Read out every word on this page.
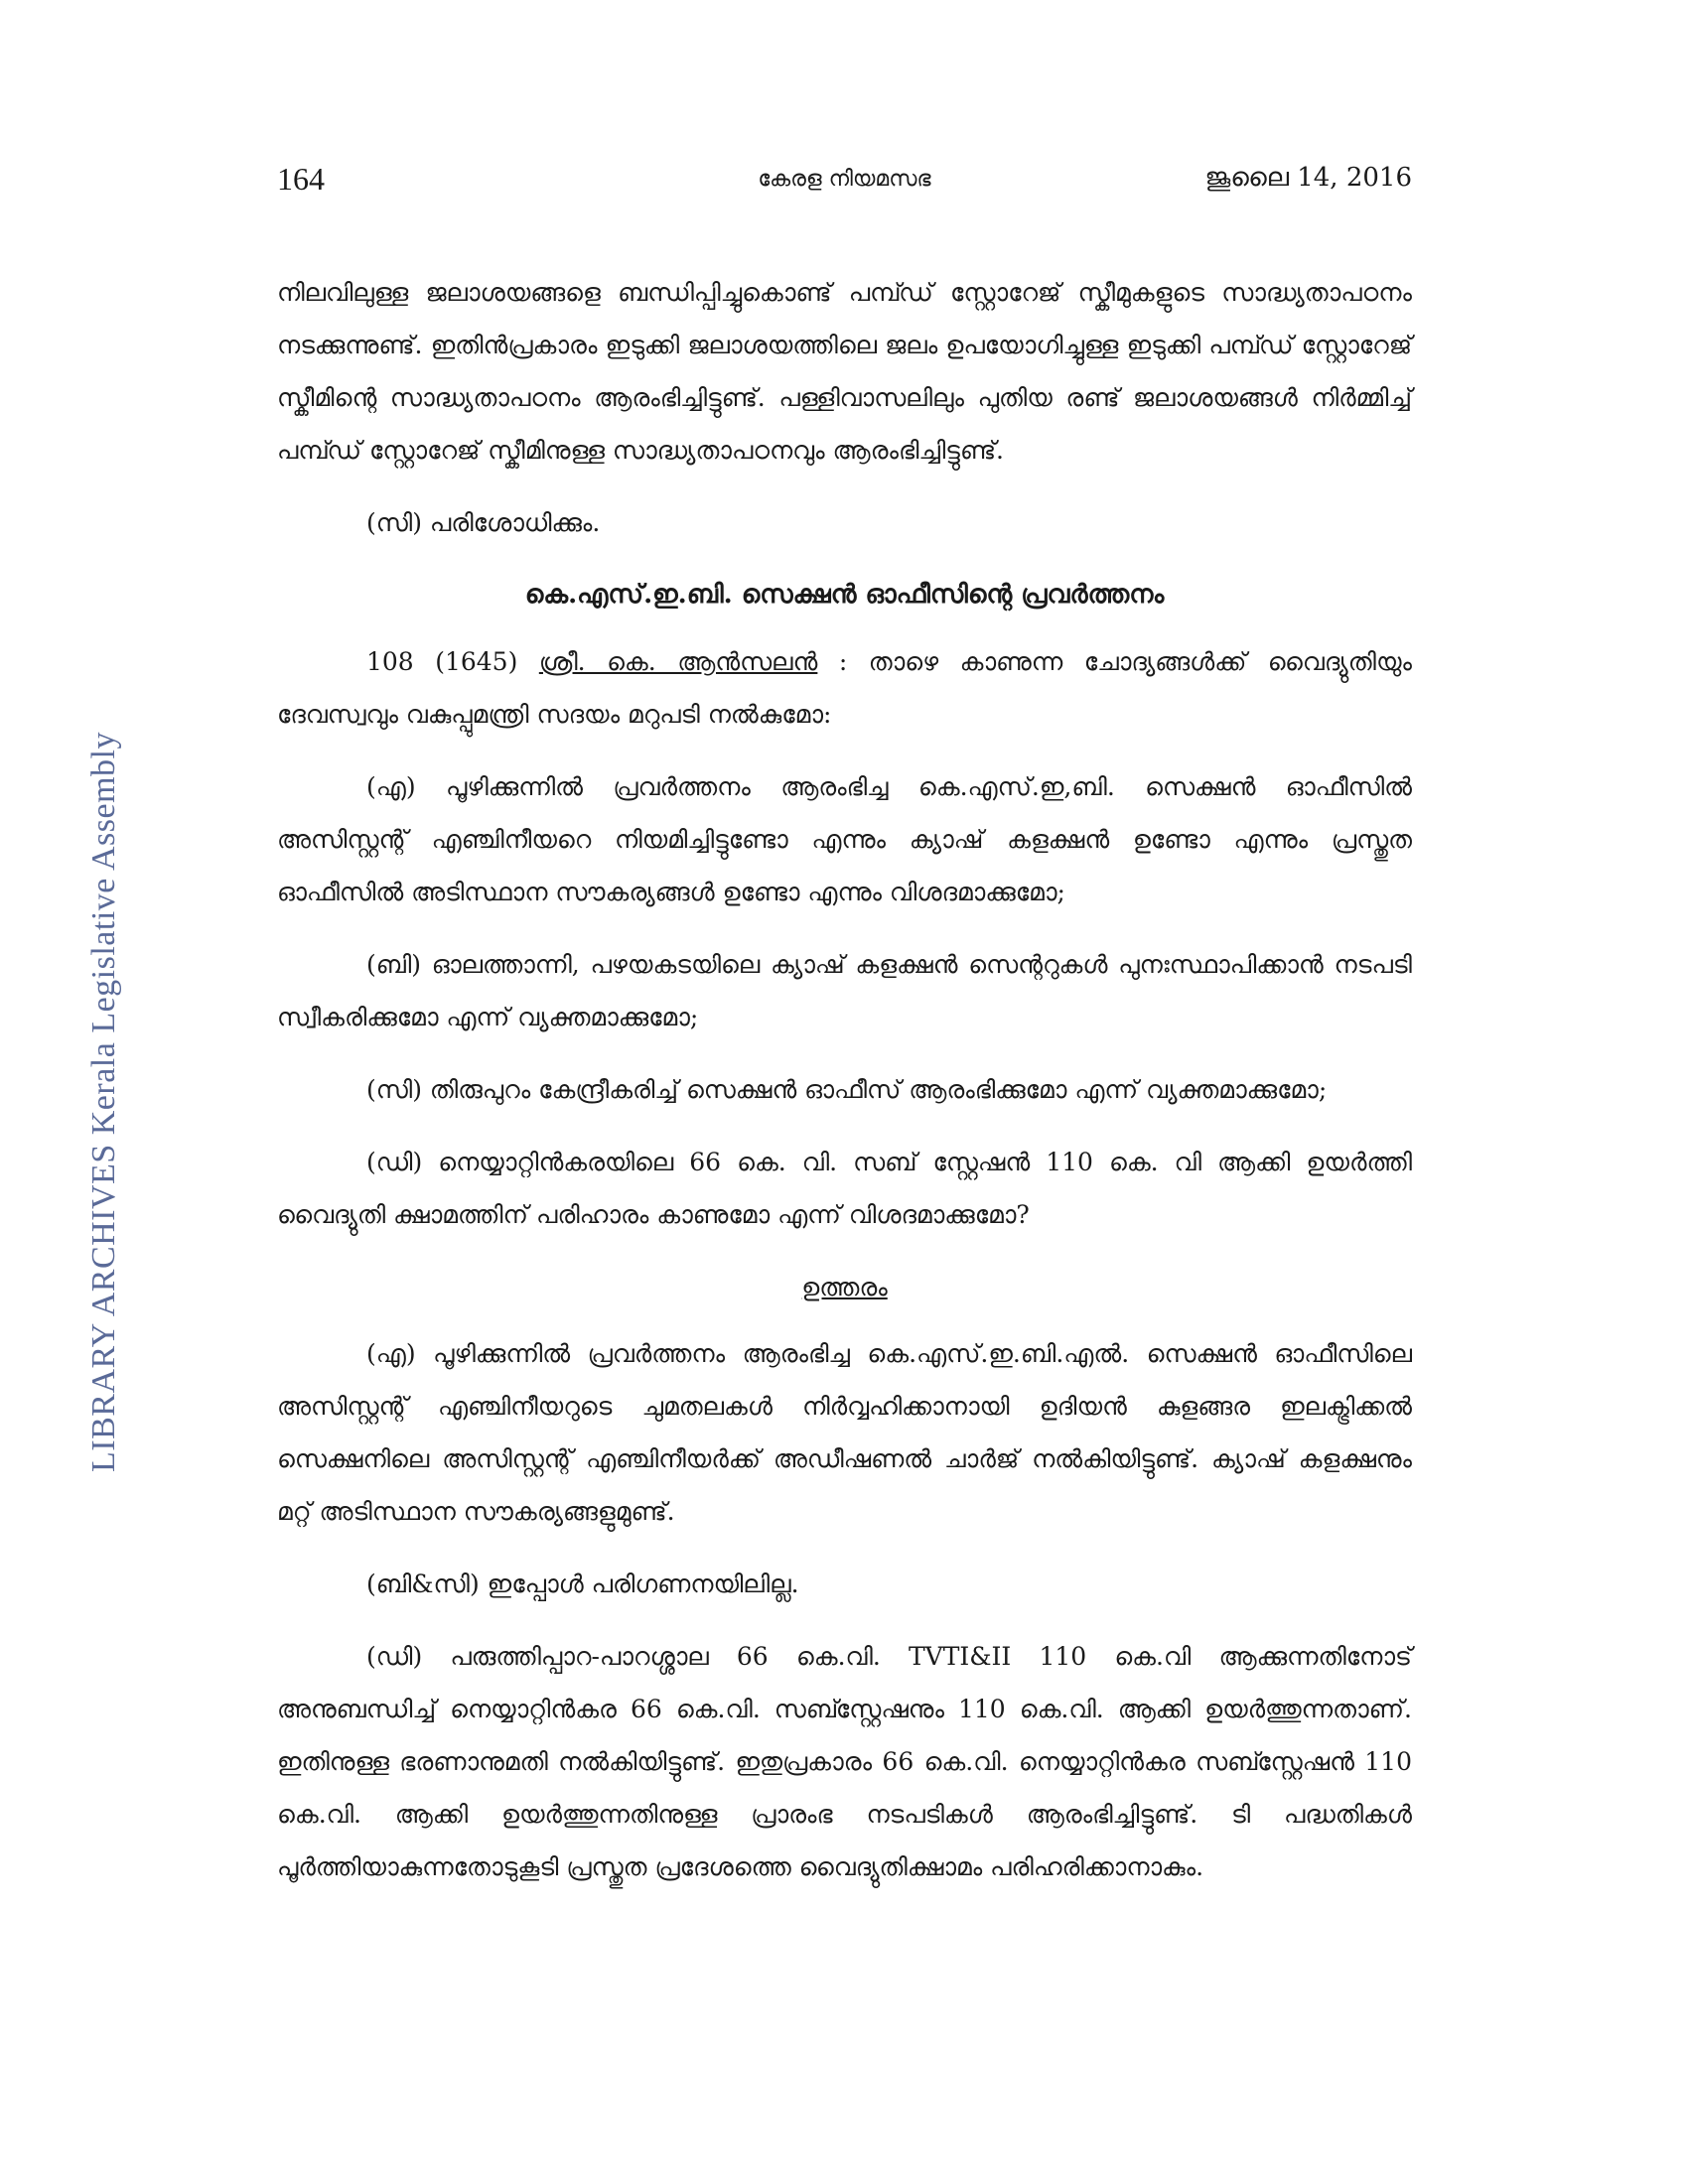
LIBRARY ARCHIVES Kerala Legislative Assembly
164	കേരള നിയമസഭ	ജൂലൈ 14, 2016

നിലവിലുള്ള ജലാശയങ്ങളെ ബന്ധിപ്പിച്ചുകൊണ്ട് പമ്പ്ഡ് സ്റ്റോറേജ് സ്കീമുകളുടെ സാദ്ധ്യതാപഠനം നടക്കുന്നുണ്ട്. ഇതിൻപ്രകാരം ഇടുക്കി ജലാശയത്തിലെ ജലം ഉപയോഗിച്ചുള്ള ഇടുക്കി പമ്പ്ഡ് സ്റ്റോറേജ് സ്കീമിന്റെ സാദ്ധ്യതാപഠനം ആരംഭിച്ചിട്ടുണ്ട്. പള്ളിവാസലിലും പുതിയ രണ്ട് ജലാശയങ്ങൾ നിർമ്മിച്ച് പമ്പ്ഡ് സ്റ്റോറേജ് സ്കീമിനുള്ള സാദ്ധ്യതാപഠനവും ആരംഭിച്ചിട്ടുണ്ട്.

(സി) പരിശോധിക്കും.

കെ.എസ്.ഇ.ബി. സെക്ഷൻ ഓഫീസിന്റെ പ്രവർത്തനം

108 (1645) ശ്രീ. കെ. ആൻസലൻ : താഴെ കാണുന്ന ചോദ്യങ്ങൾക്ക് വൈദ്യുതിയും ദേവസ്വവും വകുപ്പുമന്ത്രി സദയം മറുപടി നൽകുമോ:

(എ) പൂഴിക്കുന്നിൽ പ്രവർത്തനം ആരംഭിച്ച കെ.എസ്.ഇ,ബി. സെക്ഷൻ ഓഫീസിൽ അസിസ്റ്റന്റ് എഞ്ചിനീയറെ നിയമിച്ചിട്ടുണ്ടോ എന്നും ക്യാഷ് കളക്ഷൻ ഉണ്ടോ എന്നും പ്രസ്തുത ഓഫീസിൽ അടിസ്ഥാന സൗകര്യങ്ങൾ ഉണ്ടോ എന്നും വിശദമാക്കുമോ;

(ബി) ഓലത്താന്നി, പഴയകടയിലെ ക്യാഷ് കളക്ഷൻ സെന്ററുകൾ പുനഃസ്ഥാപിക്കാൻ നടപടി സ്വീകരിക്കുമോ എന്ന് വ്യക്തമാക്കുമോ;

(സി) തിരുപുറം കേന്ദ്രീകരിച്ച് സെക്ഷൻ ഓഫീസ് ആരംഭിക്കുമോ എന്ന് വ്യക്തമാക്കുമോ;

(ഡി) നെയ്യാറ്റിൻകരയിലെ 66 കെ. വി. സബ് സ്റ്റേഷൻ 110 കെ. വി ആക്കി ഉയർത്തി വൈദ്യുതി ക്ഷാമത്തിന് പരിഹാരം കാണുമോ എന്ന് വിശദമാക്കുമോ?

ഉത്തരം

(എ) പൂഴിക്കുന്നിൽ പ്രവർത്തനം ആരംഭിച്ച കെ.എസ്.ഇ.ബി.എൽ. സെക്ഷൻ ഓഫീസിലെ അസിസ്റ്റന്റ് എഞ്ചിനീയറുടെ ചുമതലകൾ നിർവ്വഹിക്കാനായി ഉദിയൻ കുളങ്ങര ഇലക്ട്രിക്കൽ സെക്ഷനിലെ അസിസ്റ്റന്റ് എഞ്ചിനീയർക്ക് അഡീഷണൽ ചാർജ് നൽകിയിട്ടുണ്ട്. ക്യാഷ് കളക്ഷനും മറ്റ് അടിസ്ഥാന സൗകര്യങ്ങളുമുണ്ട്.

(ബി&സി) ഇപ്പോൾ പരിഗണനയിലില്ല.

(ഡി) പരുത്തിപ്പാറ-പാറശ്ശാല 66 കെ.വി. TVTI&II 110 കെ.വി ആക്കുന്നതിനോട് അനുബന്ധിച്ച് നെയ്യാറ്റിൻകര 66 കെ.വി. സബ്സ്റ്റേഷനും 110 കെ.വി. ആക്കി ഉയർത്തുന്നതാണ്. ഇതിനുള്ള ഭരണാനുമതി നൽകിയിട്ടുണ്ട്. ഇതുപ്രകാരം 66 കെ.വി. നെയ്യാറ്റിൻകര സബ്സ്റ്റേഷൻ 110 കെ.വി. ആക്കി ഉയർത്തുന്നതിനുള്ള പ്രാരംഭ നടപടികൾ ആരംഭിച്ചിട്ടുണ്ട്. ടി പദ്ധതികൾ പൂർത്തിയാകുന്നതോടുകൂടി പ്രസ്തുത പ്രദേശത്തെ വൈദ്യുതിക്ഷാമം പരിഹരിക്കാനാകും.
